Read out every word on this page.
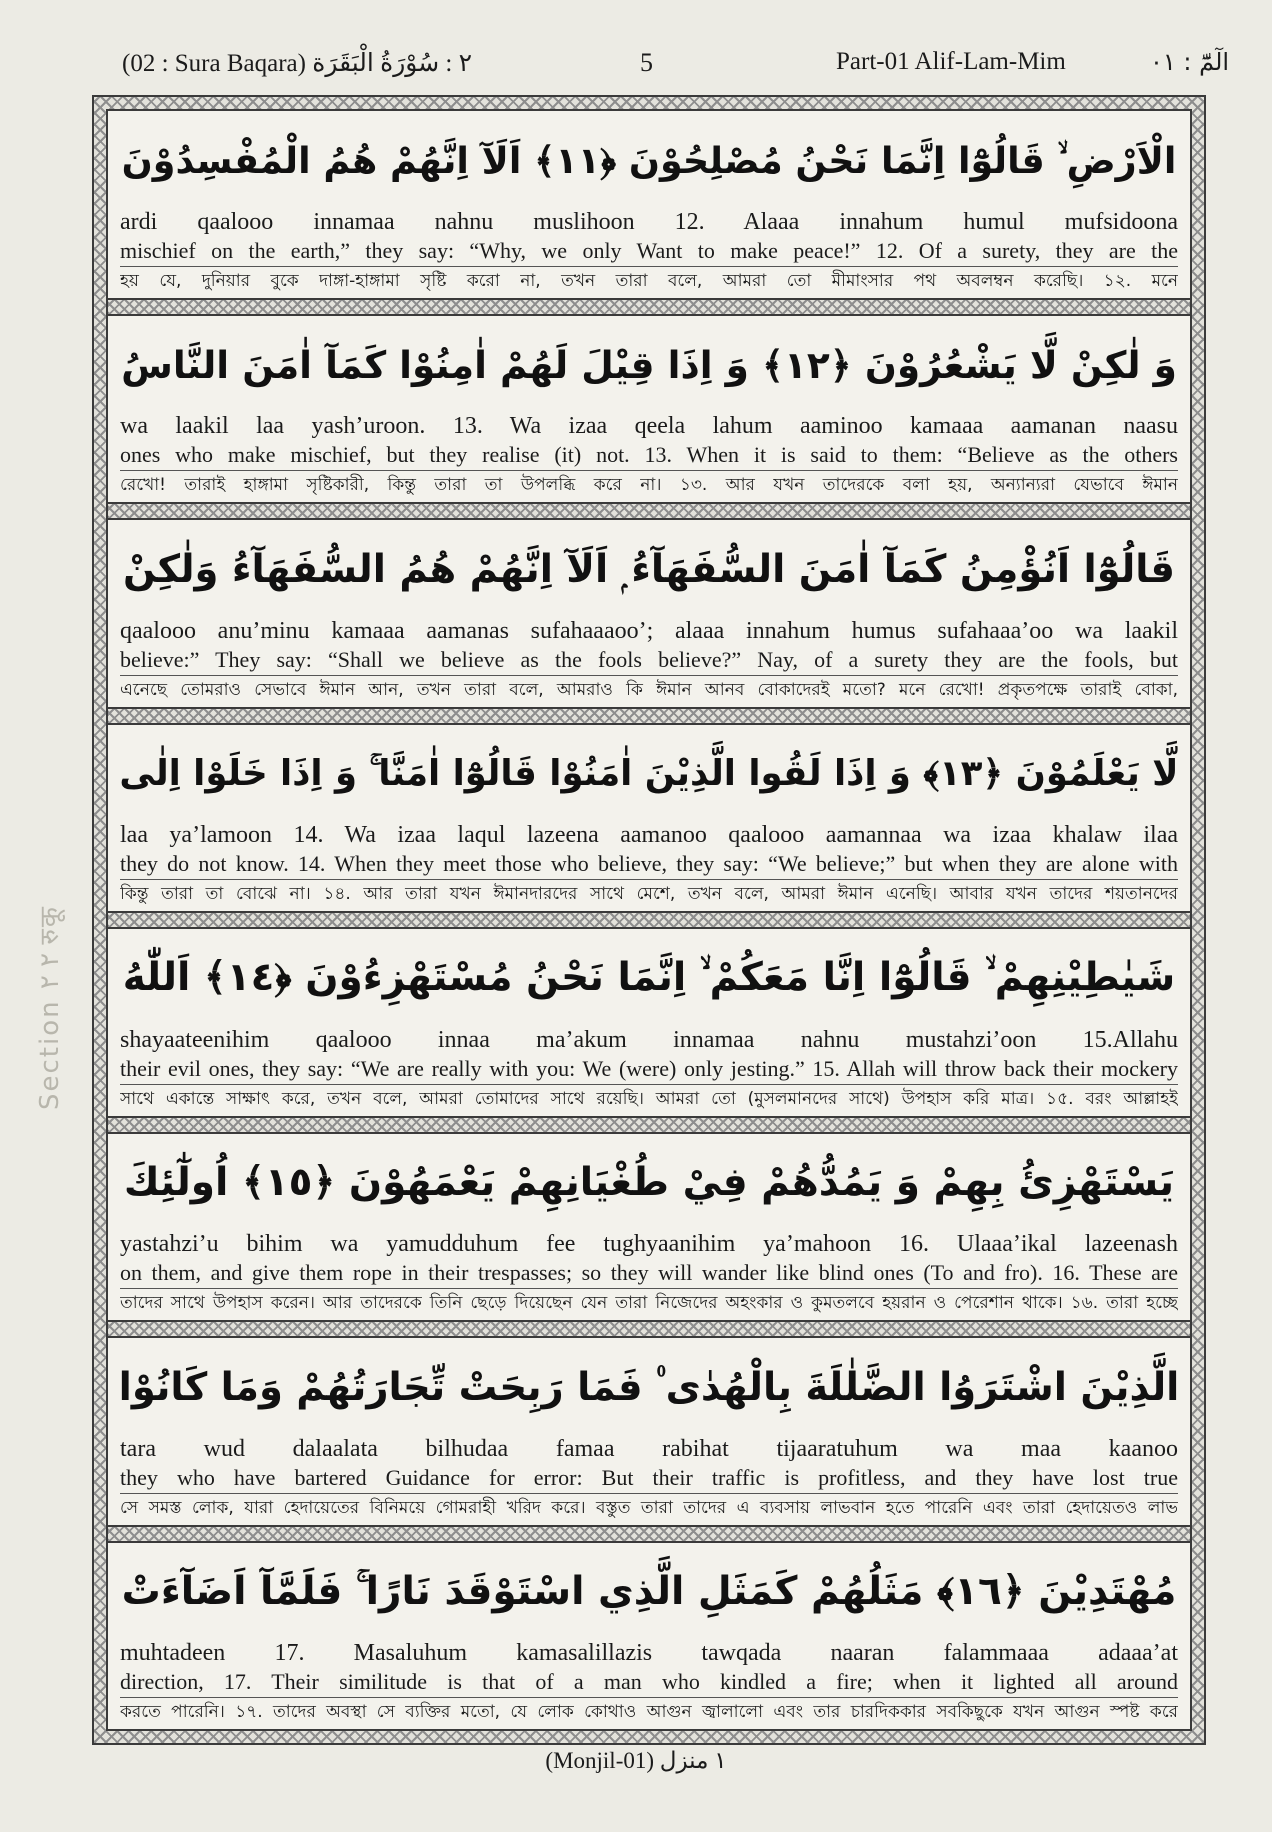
(02 : Sura Baqara) ٢ : سُوْرَةُ الْبَقَرَة	5	Part-01 Alif-Lam-Mim	الٓمّٓ : ٠١
Section ٢ ٢ रुकू
الْاَرْضِ ۙ قَالُوْٓا اِنَّمَا نَحْنُ مُصْلِحُوْنَ ﴿١١﴾ اَلَآ اِنَّهُمْ هُمُ الْمُفْسِدُوْنَ
ardi qaalooo innamaa nahnu muslihoon 12. Alaaa innahum humul mufsidoona
mischief on the earth,” they say: “Why, we only Want to make peace!” 12. Of a surety, they are the
হয় যে, দুনিয়ার বুকে দাঙ্গা-হাঙ্গামা সৃষ্টি করো না, তখন তারা বলে, আমরা তো মীমাংসার পথ অবলম্বন করেছি। ১২. মনে
وَ لٰكِنْ لَّا يَشْعُرُوْنَ ﴿١٢﴾ وَ اِذَا قِيْلَ لَهُمْ اٰمِنُوْا كَمَآ اٰمَنَ النَّاسُ
wa laakil laa yash’uroon. 13. Wa izaa qeela lahum aaminoo kamaaa aamanan naasu
ones who make mischief, but they realise (it) not. 13. When it is said to them: “Believe as the others
রেখো! তারাই হাঙ্গামা সৃষ্টিকারী, কিন্তু তারা তা উপলব্ধি করে না। ১৩. আর যখন তাদেরকে বলা হয়, অন্যান্যরা যেভাবে ঈমান
قَالُوْٓا اَنُؤْمِنُ كَمَآ اٰمَنَ السُّفَهَآءُ ۭ اَلَآ اِنَّهُمْ هُمُ السُّفَهَآءُ وَلٰكِنْ
qaalooo anu’minu kamaaa aamanas sufahaaaoo’; alaaa innahum humus sufahaaa’oo wa laakil
believe:” They say: “Shall we believe as the fools believe?” Nay, of a surety they are the fools, but
এনেছে তোমরাও সেভাবে ঈমান আন, তখন তারা বলে, আমরাও কি ঈমান আনব বোকাদেরই মতো? মনে রেখো! প্রকৃতপক্ষে তারাই বোকা,
لَّا يَعْلَمُوْنَ ﴿١٣﴾ وَ اِذَا لَقُوا الَّذِيْنَ اٰمَنُوْا قَالُوْٓا اٰمَنَّا ۚ وَ اِذَا خَلَوْا اِلٰى
laa ya’lamoon 14. Wa izaa laqul lazeena aamanoo qaalooo aamannaa wa izaa khalaw ilaa
they do not know. 14. When they meet those who believe, they say: “We believe;” but when they are alone with
কিন্তু তারা তা বোঝে না। ১৪. আর তারা যখন ঈমানদারদের সাথে মেশে, তখন বলে, আমরা ঈমান এনেছি। আবার যখন তাদের শয়তানদের
شَيٰطِيْنِهِمْ ۙ قَالُوْٓا اِنَّا مَعَكُمْ ۙ اِنَّمَا نَحْنُ مُسْتَهْزِءُوْنَ ﴿١٤﴾ اَللّٰهُ
shayaateenihim qaalooo innaa ma’akum innamaa nahnu mustahzi’oon 15.Allahu
their evil ones, they say: “We are really with you: We (were) only jesting.” 15. Allah will throw back their mockery
সাথে একান্তে সাক্ষাৎ করে, তখন বলে, আমরা তোমাদের সাথে রয়েছি। আমরা তো (মুসলমানদের সাথে) উপহাস করি মাত্র। ১৫. বরং আল্লাহই
يَسْتَهْزِئُ بِهِمْ وَ يَمُدُّهُمْ فِيْ طُغْيَانِهِمْ يَعْمَهُوْنَ ﴿١٥﴾ اُولٰٓئِكَ
yastahzi’u bihim wa yamudduhum fee tughyaanihim ya’mahoon 16. Ulaaa’ikal lazeenash
on them, and give them rope in their trespasses; so they will wander like blind ones (To and fro). 16. These are
তাদের সাথে উপহাস করেন। আর তাদেরকে তিনি ছেড়ে দিয়েছেন যেন তারা নিজেদের অহংকার ও কুমতলবে হয়রান ও পেরেশান থাকে। ১৬. তারা হচ্ছে
الَّذِيْنَ اشْتَرَوُا الضَّلٰلَةَ بِالْهُدٰى ۠ فَمَا رَبِحَتْ تِّجَارَتُهُمْ وَمَا كَانُوْا
tara wud dalaalata bilhudaa famaa rabihat tijaaratuhum wa maa kaanoo
they who have bartered Guidance for error: But their traffic is profitless, and they have lost true
সে সমস্ত লোক, যারা হেদায়েতের বিনিময়ে গোমরাহী খরিদ করে। বস্তুত তারা তাদের এ ব্যবসায় লাভবান হতে পারেনি এবং তারা হেদায়েতও লাভ
مُهْتَدِيْنَ ﴿١٦﴾ مَثَلُهُمْ كَمَثَلِ الَّذِي اسْتَوْقَدَ نَارًا ۚ فَلَمَّآ اَضَآءَتْ
muhtadeen 17. Masaluhum kamasalillazis tawqada naaran falammaaa adaaa’at
direction, 17. Their similitude is that of a man who kindled a fire; when it lighted all around
করতে পারেনি। ১৭. তাদের অবস্থা সে ব্যক্তির মতো, যে লোক কোথাও আগুন জ্বালালো এবং তার চারদিককার সবকিছুকে যখন আগুন স্পষ্ট করে
(Monjil-01) ١ منزل
